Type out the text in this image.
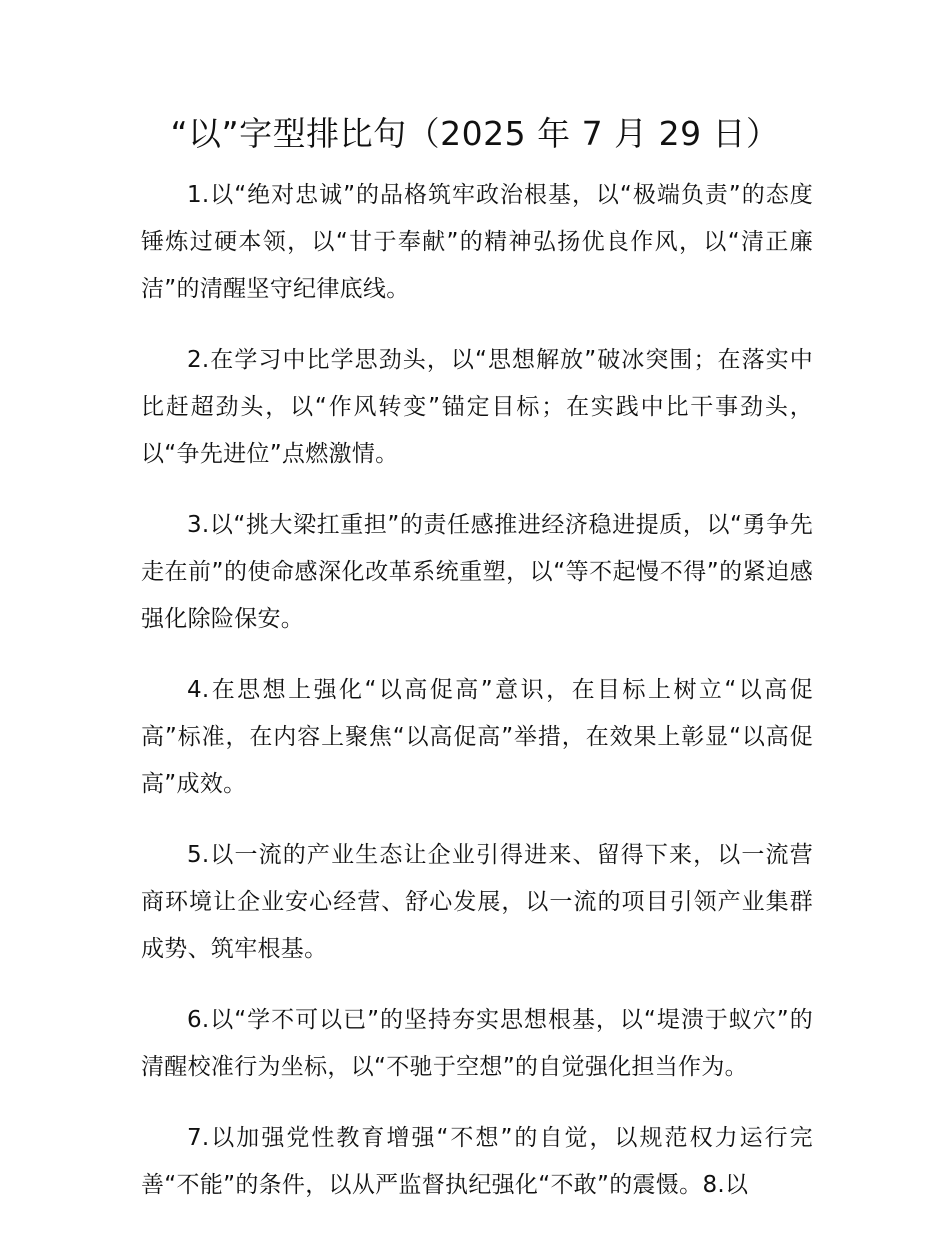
“以”字型排比句（2025 年 7 月 29 日）

1.以“绝对忠诚”的品格筑牢政治根基，以“极端负责”的态度锤炼过硬本领，以“甘于奉献”的精神弘扬优良作风，以“清正廉洁”的清醒坚守纪律底线。

2.在学习中比学思劲头，以“思想解放”破冰突围；在落实中比赶超劲头，以“作风转变”锚定目标；在实践中比干事劲头，以“争先进位”点燃激情。

3.以“挑大梁扛重担”的责任感推进经济稳进提质，以“勇争先走在前”的使命感深化改革系统重塑，以“等不起慢不得”的紧迫感强化除险保安。

4.在思想上强化“以高促高”意识，在目标上树立“以高促高”标准，在内容上聚焦“以高促高”举措，在效果上彰显“以高促高”成效。

5.以一流的产业生态让企业引得进来、留得下来，以一流营商环境让企业安心经营、舒心发展，以一流的项目引领产业集群成势、筑牢根基。

6.以“学不可以已”的坚持夯实思想根基，以“堤溃于蚁穴”的清醒校准行为坐标，以“不驰于空想”的自觉强化担当作为。

7.以加强党性教育增强“不想”的自觉，以规范权力运行完善“不能”的条件，以从严监督执纪强化“不敢”的震慑。8.以
